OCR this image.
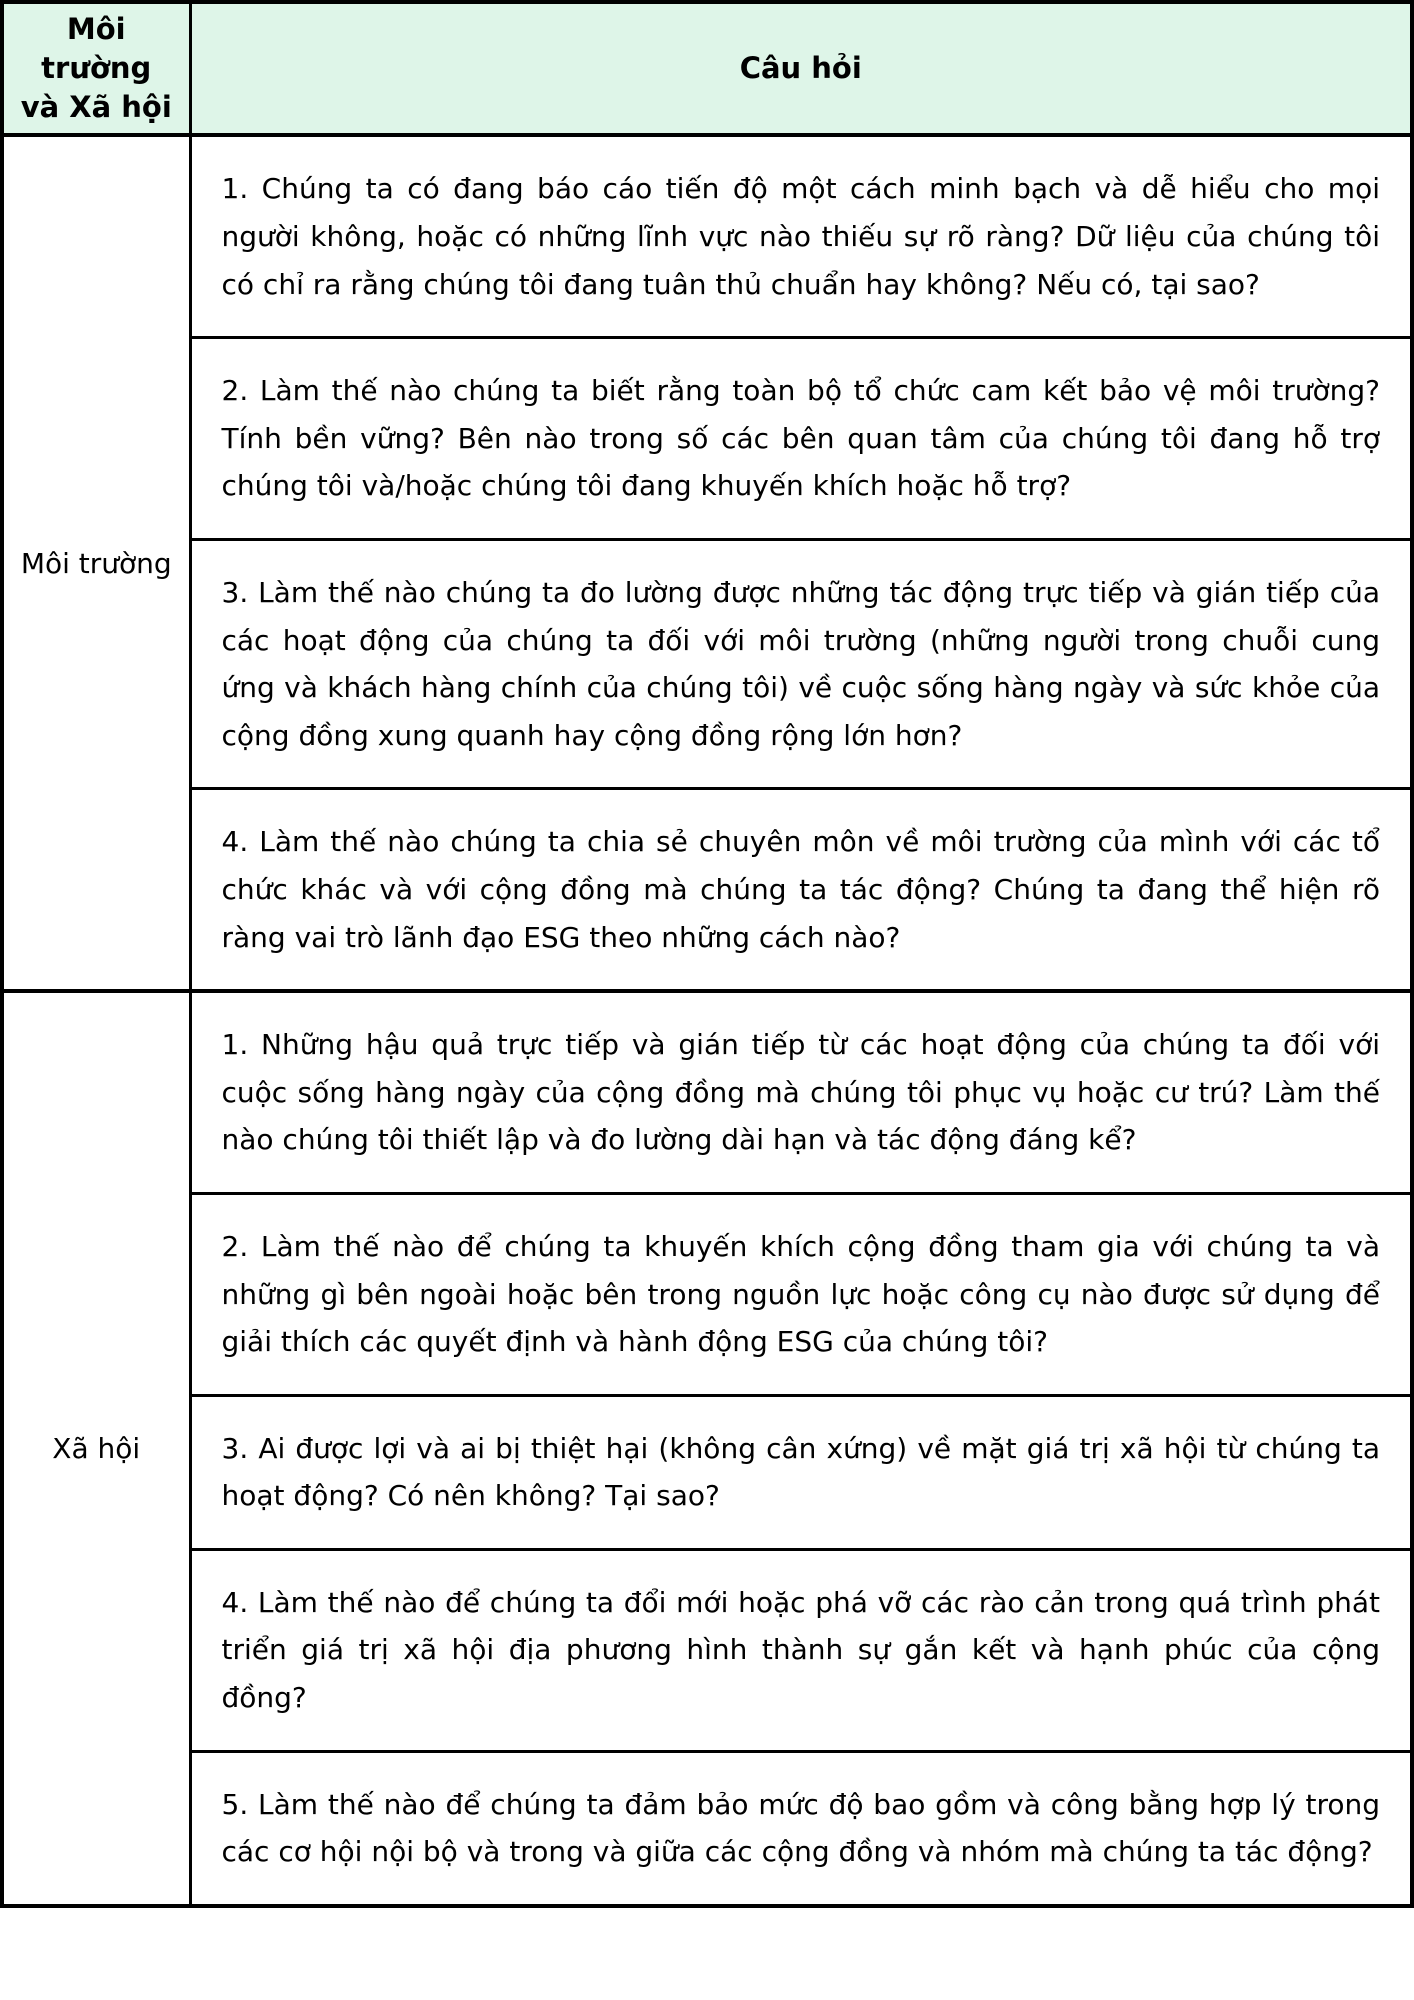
Môi trường
và Xã hội	Câu hỏi
Môi trường	1. Chúng ta có đang báo cáo tiến độ một cách minh bạch và dễ hiểu cho mọi người không, hoặc có những lĩnh vực nào thiếu sự rõ ràng? Dữ liệu của chúng tôi có chỉ ra rằng chúng tôi đang tuân thủ chuẩn hay không? Nếu có, tại sao?
	2. Làm thế nào chúng ta biết rằng toàn bộ tổ chức cam kết bảo vệ môi trường? Tính bền vững? Bên nào trong số các bên quan tâm của chúng tôi đang hỗ trợ chúng tôi và/hoặc chúng tôi đang khuyến khích hoặc hỗ trợ?
	3. Làm thế nào chúng ta đo lường được những tác động trực tiếp và gián tiếp của các hoạt động của chúng ta đối với môi trường (những người trong chuỗi cung ứng và khách hàng chính của chúng tôi) về cuộc sống hàng ngày và sức khỏe của cộng đồng xung quanh hay cộng đồng rộng lớn hơn?
	4. Làm thế nào chúng ta chia sẻ chuyên môn về môi trường của mình với các tổ chức khác và với cộng đồng mà chúng ta tác động? Chúng ta đang thể hiện rõ ràng vai trò lãnh đạo ESG theo những cách nào?
Xã hội	1. Những hậu quả trực tiếp và gián tiếp từ các hoạt động của chúng ta đối với cuộc sống hàng ngày của cộng đồng mà chúng tôi phục vụ hoặc cư trú? Làm thế nào chúng tôi thiết lập và đo lường dài hạn và tác động đáng kể?
	2. Làm thế nào để chúng ta khuyến khích cộng đồng tham gia với chúng ta và những gì bên ngoài hoặc bên trong nguồn lực hoặc công cụ nào được sử dụng để giải thích các quyết định và hành động ESG của chúng tôi?
	3. Ai được lợi và ai bị thiệt hại (không cân xứng) về mặt giá trị xã hội từ chúng ta hoạt động? Có nên không? Tại sao?
	4. Làm thế nào để chúng ta đổi mới hoặc phá vỡ các rào cản trong quá trình phát triển giá trị xã hội địa phương hình thành sự gắn kết và hạnh phúc của cộng đồng?
	5. Làm thế nào để chúng ta đảm bảo mức độ bao gồm và công bằng hợp lý trong các cơ hội nội bộ và trong và giữa các cộng đồng và nhóm mà chúng ta tác động?
